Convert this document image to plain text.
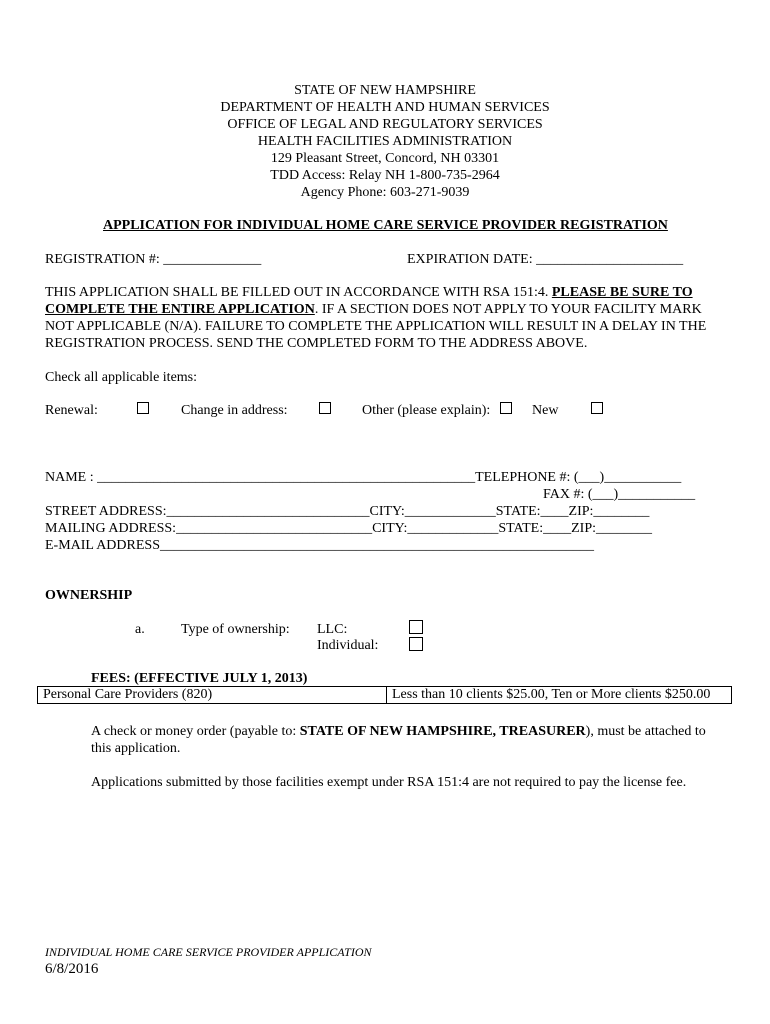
STATE OF NEW HAMPSHIRE
DEPARTMENT OF HEALTH AND HUMAN SERVICES
OFFICE OF LEGAL AND REGULATORY SERVICES
HEALTH FACILITIES ADMINISTRATION
129 Pleasant Street, Concord, NH 03301
TDD Access: Relay NH 1-800-735-2964
Agency Phone: 603-271-9039
APPLICATION FOR INDIVIDUAL HOME CARE SERVICE PROVIDER REGISTRATION
REGISTRATION #: ______________	EXPIRATION DATE: _____________________
THIS APPLICATION SHALL BE FILLED OUT IN ACCORDANCE WITH RSA 151:4. PLEASE BE SURE TO
COMPLETE THE ENTIRE APPLICATION. IF A SECTION DOES NOT APPLY TO YOUR FACILITY MARK
NOT APPLICABLE (N/A). FAILURE TO COMPLETE THE APPLICATION WILL RESULT IN A DELAY IN THE
REGISTRATION PROCESS. SEND THE COMPLETED FORM TO THE ADDRESS ABOVE.
Check all applicable items:
Renewal:	Change in address:	Other (please explain):	New
NAME : ______________________________________________________TELEPHONE #: (___)___________
FAX #: (___)___________
STREET ADDRESS:_____________________________CITY:_____________STATE:____ZIP:________
MAILING ADDRESS:____________________________CITY:_____________STATE:____ZIP:________
E-MAIL ADDRESS______________________________________________________________
OWNERSHIP
a.	Type of ownership: LLC:
Individual:
FEES: (EFFECTIVE JULY 1, 2013)
Personal Care Providers (820)	Less than 10 clients $25.00, Ten or More clients $250.00
A check or money order (payable to: STATE OF NEW HAMPSHIRE, TREASURER), must be attached to
this application.
Applications submitted by those facilities exempt under RSA 151:4 are not required to pay the license fee.
INDIVIDUAL HOME CARE SERVICE PROVIDER APPLICATION
6/8/2016
